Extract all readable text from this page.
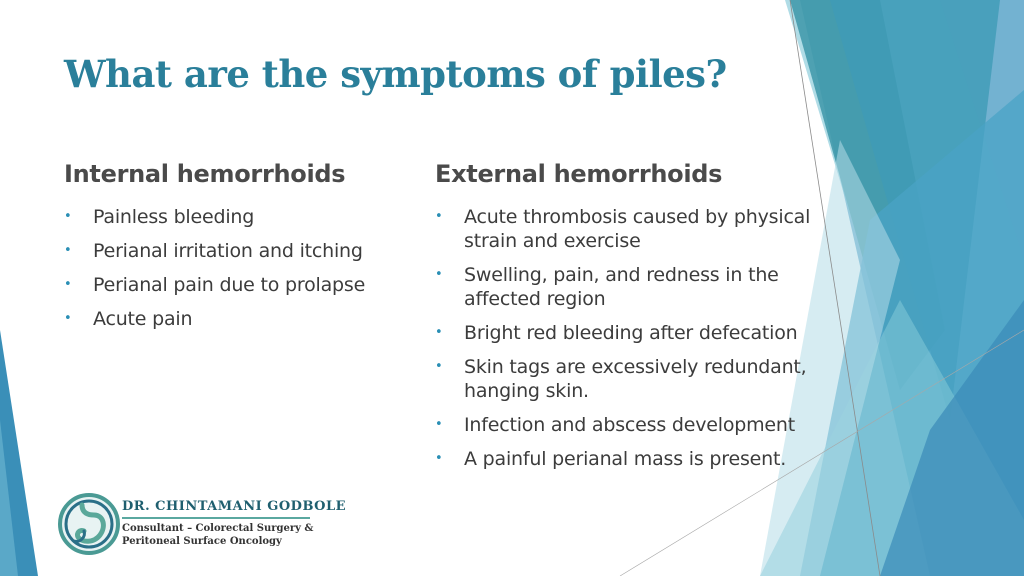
What are the symptoms of piles?
Internal hemorrhoids
• Painless bleeding
• Perianal irritation and itching
• Perianal pain due to prolapse
• Acute pain
External hemorrhoids
• Acute thrombosis caused by physical strain and exercise
• Swelling, pain, and redness in the affected region
• Bright red bleeding after defecation
• Skin tags are excessively redundant, hanging skin.
• Infection and abscess development
• A painful perianal mass is present.
DR. CHINTAMANI GODBOLE
Consultant – Colorectal Surgery &
Peritoneal Surface Oncology
